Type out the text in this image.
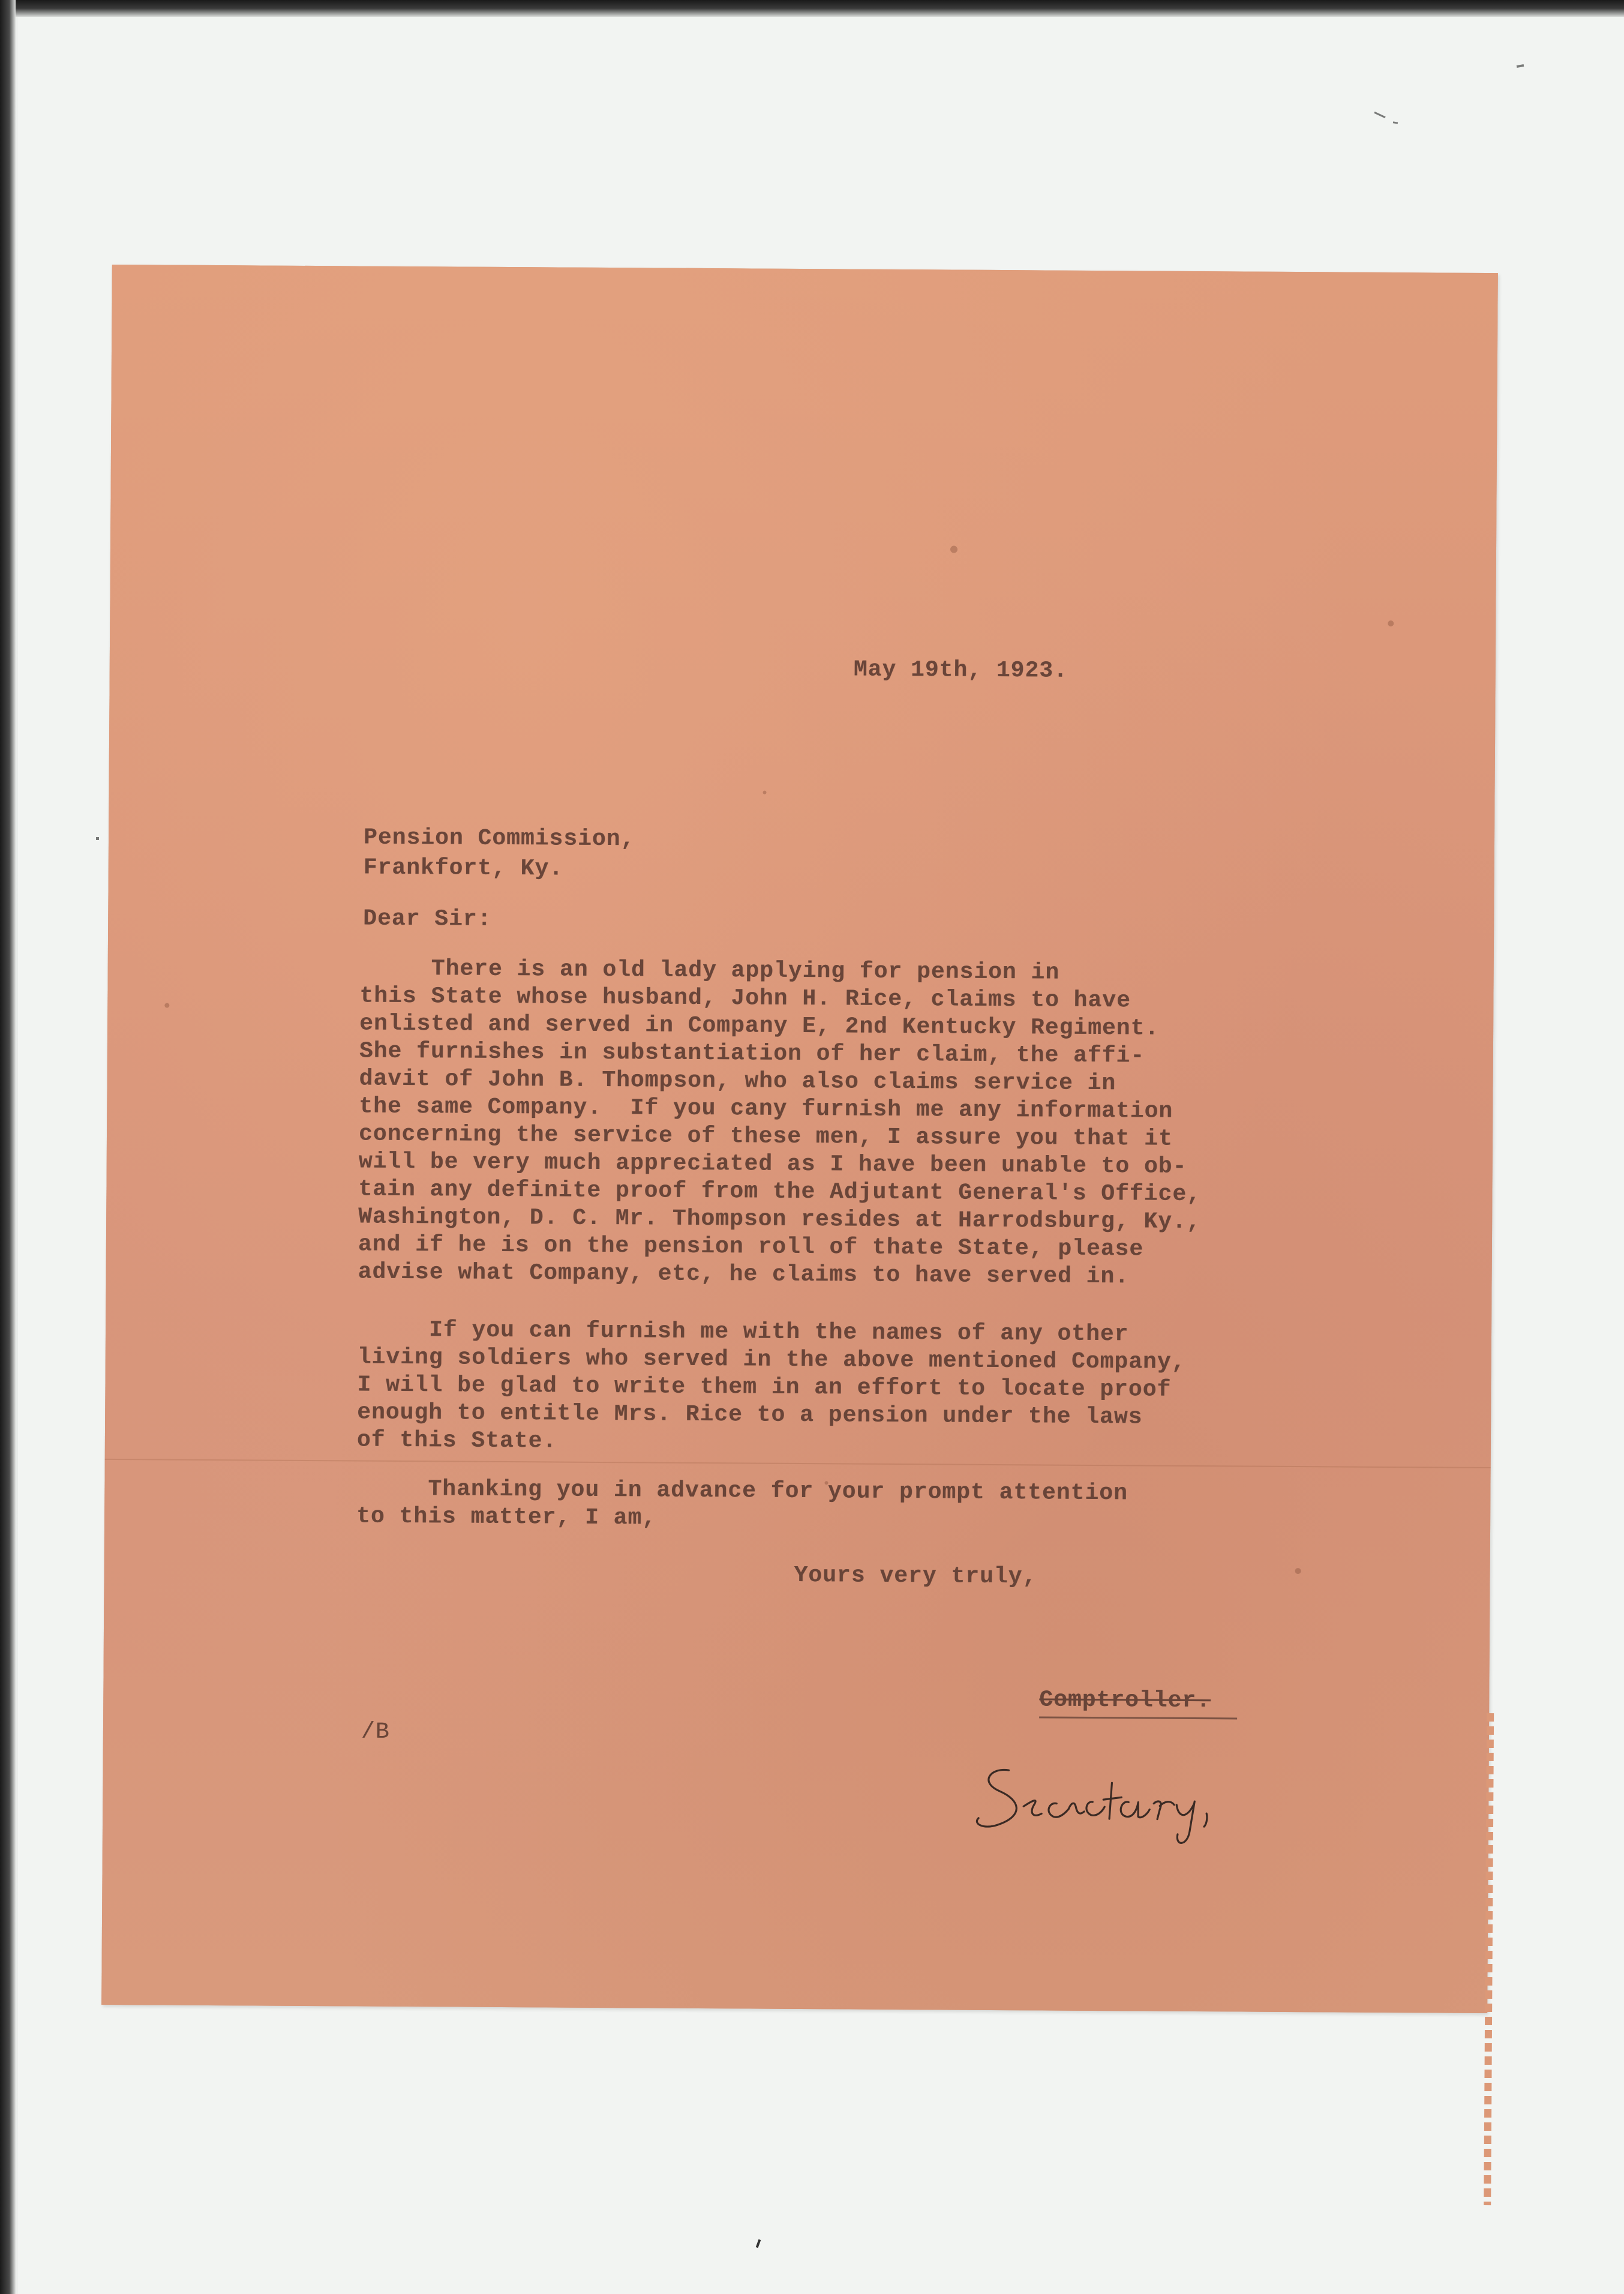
May 19th, 1923.
Pension Commission,
Frankfort, Ky.
Dear Sir:
There is an old lady applying for pension in
this State whose husband, John H. Rice, claims to have
enlisted and served in Company E, 2nd Kentucky Regiment.
She furnishes in substantiation of her claim, the affi-
davit of John B. Thompson, who also claims service in
the same Company.  If you cany furnish me any information
concerning the service of these men, I assure you that it
will be very much appreciated as I have been unable to ob-
tain any definite proof from the Adjutant General's Office,
Washington, D. C. Mr. Thompson resides at Harrodsburg, Ky.,
and if he is on the pension roll of thate State, please
advise what Company, etc, he claims to have served in.
If you can furnish me with the names of any other
living soldiers who served in the above mentioned Company,
I will be glad to write them in an effort to locate proof
enough to entitle Mrs. Rice to a pension under the laws
of this State.
Thanking you in advance for your prompt attention
to this matter, I am,
Yours very truly,
Comptroller.
/B
